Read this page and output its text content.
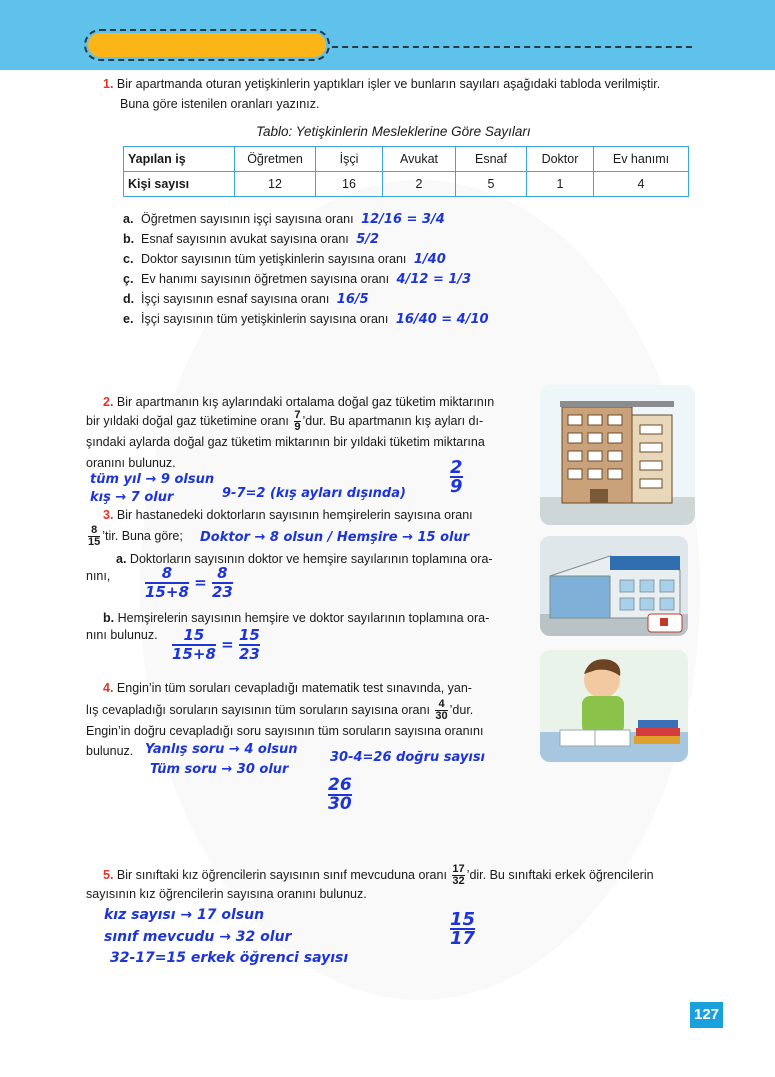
1. Bir apartmanda oturan yetişkinlerin yaptıkları işler ve bunların sayıları aşağıdaki tabloda verilmiştir.
Buna göre istenilen oranları yazınız.
Tablo: Yetişkinlerin Mesleklerine Göre Sayıları
Yapılan iş	Öğretmen	İşçi	Avukat	Esnaf	Doktor	Ev hanımı
Kişi sayısı	12	16	2	5	1	4
a. Öğretmen sayısının işçi sayısına oranı 12/16 = 3/4
b. Esnaf sayısının avukat sayısına oranı 5/2
c. Doktor sayısının tüm yetişkinlerin sayısına oranı 1/40
ç. Ev hanımı sayısının öğretmen sayısına oranı 4/12 = 1/3
d. İşçi sayısının esnaf sayısına oranı 16/5
e. İşçi sayısının tüm yetişkinlerin sayısına oranı 16/40 = 4/10
2. Bir apartmanın kış aylarındaki ortalama doğal gaz tüketim miktarının
bir yıldaki doğal gaz tüketimine oranı $\frac{7}{9}$ ’dur. Bu apartmanın kış ayları dı-
şındaki aylarda doğal gaz tüketim miktarının bir yıldaki tüketim miktarına
oranını bulunuz.
tüm yıl → 9 olsun
kış → 7 olur	9-7=2 (kış ayları dışında)
2
9
3. Bir hastanedeki doktorların sayısının hemşirelerin sayısına oranı
$\frac{8}{15}$ ’tir. Buna göre; Doktor → 8 olsun / Hemşire → 15 olur
a. Doktorların sayısının doktor ve hemşire sayılarının toplamına ora-
nını, $\frac{8}{15+8} = \frac{8}{23}$
b. Hemşirelerin sayısının hemşire ve doktor sayılarının toplamına ora-
nını bulunuz. $\frac{15}{15+8} = \frac{15}{23}$
4. Engin’in tüm soruları cevapladığı matematik test sınavında, yan-
lış cevapladığı soruların sayısının tüm soruların sayısına oranı $\frac{4}{30}$ ’dur.
Engin’in doğru cevapladığı soru sayısının tüm soruların sayısına oranını
bulunuz. Yanlış soru → 4 olsun
Tüm soru → 30 olur
30-4=26 doğru sayısı
26
30
5. Bir sınıftaki kız öğrencilerin sayısının sınıf mevcuduna oranı $\frac{17}{32}$ ’dir. Bu sınıftaki erkek öğrencilerin
sayısının kız öğrencilerin sayısına oranını bulunuz.
kız sayısı → 17 olsun
sınıf mevcudu → 32 olur
32-17=15 erkek öğrenci sayısı
15
17
127
